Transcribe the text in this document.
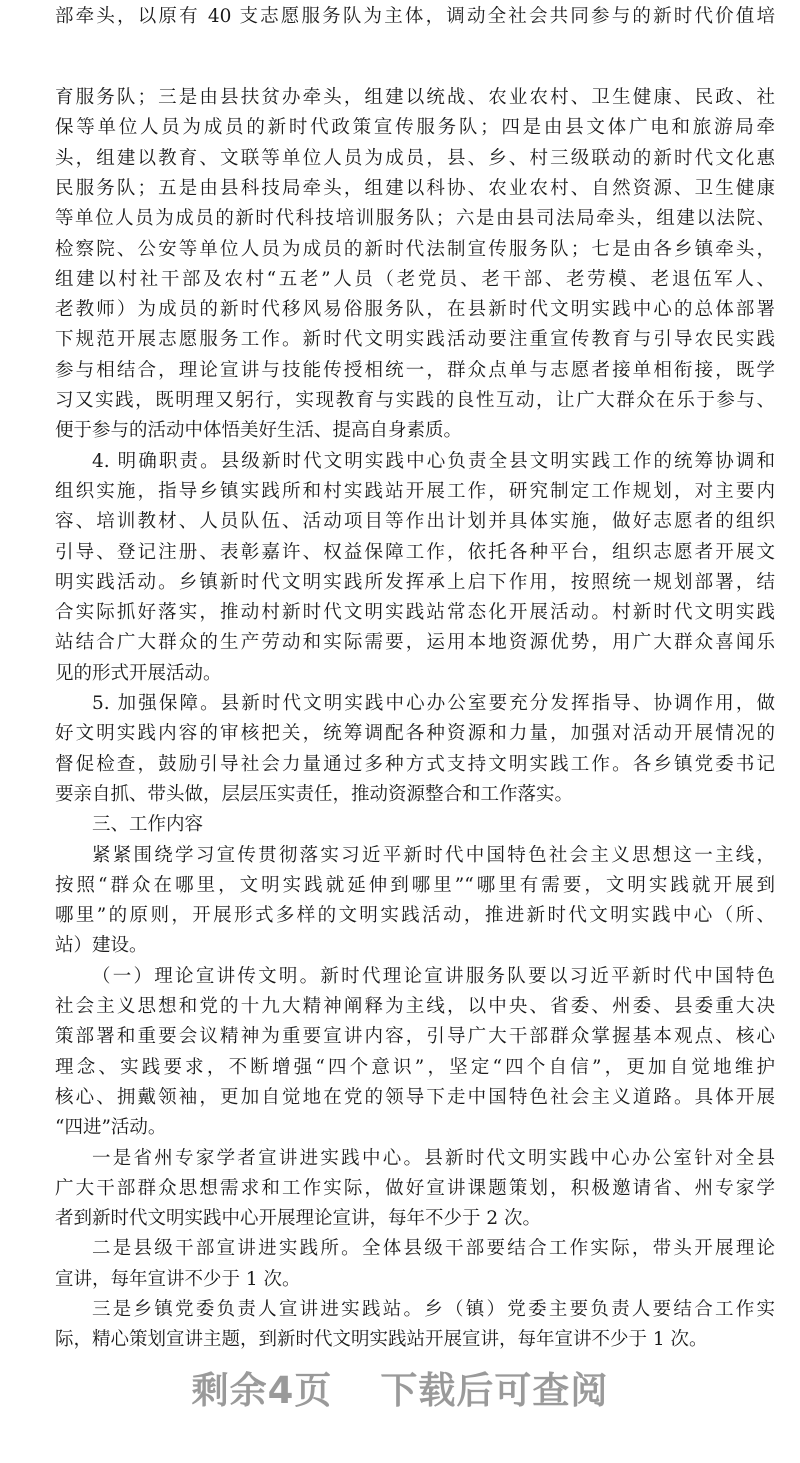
部牵头，以原有 40 支志愿服务队为主体，调动全社会共同参与的新时代价值培
育服务队；三是由县扶贫办牵头，组建以统战、农业农村、卫生健康、民政、社
保等单位人员为成员的新时代政策宣传服务队；四是由县文体广电和旅游局牵
头，组建以教育、文联等单位人员为成员，县、乡、村三级联动的新时代文化惠
民服务队；五是由县科技局牵头，组建以科协、农业农村、自然资源、卫生健康
等单位人员为成员的新时代科技培训服务队；六是由县司法局牵头，组建以法院、
检察院、公安等单位人员为成员的新时代法制宣传服务队；七是由各乡镇牵头，
组建以村社干部及农村“五老”人员（老党员、老干部、老劳模、老退伍军人、
老教师）为成员的新时代移风易俗服务队，在县新时代文明实践中心的总体部署
下规范开展志愿服务工作。新时代文明实践活动要注重宣传教育与引导农民实践
参与相结合，理论宣讲与技能传授相统一，群众点单与志愿者接单相衔接，既学
习又实践，既明理又躬行，实现教育与实践的良性互动，让广大群众在乐于参与、
便于参与的活动中体悟美好生活、提高自身素质。
4. 明确职责。县级新时代文明实践中心负责全县文明实践工作的统筹协调和
组织实施，指导乡镇实践所和村实践站开展工作，研究制定工作规划，对主要内
容、培训教材、人员队伍、活动项目等作出计划并具体实施，做好志愿者的组织
引导、登记注册、表彰嘉许、权益保障工作，依托各种平台，组织志愿者开展文
明实践活动。乡镇新时代文明实践所发挥承上启下作用，按照统一规划部署，结
合实际抓好落实，推动村新时代文明实践站常态化开展活动。村新时代文明实践
站结合广大群众的生产劳动和实际需要，运用本地资源优势，用广大群众喜闻乐
见的形式开展活动。
5. 加强保障。县新时代文明实践中心办公室要充分发挥指导、协调作用，做
好文明实践内容的审核把关，统筹调配各种资源和力量，加强对活动开展情况的
督促检查，鼓励引导社会力量通过多种方式支持文明实践工作。各乡镇党委书记
要亲自抓、带头做，层层压实责任，推动资源整合和工作落实。
三、工作内容
紧紧围绕学习宣传贯彻落实习近平新时代中国特色社会主义思想这一主线，
按照“群众在哪里，文明实践就延伸到哪里”“哪里有需要，文明实践就开展到
哪里”的原则，开展形式多样的文明实践活动，推进新时代文明实践中心（所、
站）建设。
（一）理论宣讲传文明。新时代理论宣讲服务队要以习近平新时代中国特色
社会主义思想和党的十九大精神阐释为主线，以中央、省委、州委、县委重大决
策部署和重要会议精神为重要宣讲内容，引导广大干部群众掌握基本观点、核心
理念、实践要求，不断增强“四个意识”，坚定“四个自信”，更加自觉地维护
核心、拥戴领袖，更加自觉地在党的领导下走中国特色社会主义道路。具体开展
“四进”活动。
一是省州专家学者宣讲进实践中心。县新时代文明实践中心办公室针对全县
广大干部群众思想需求和工作实际，做好宣讲课题策划，积极邀请省、州专家学
者到新时代文明实践中心开展理论宣讲，每年不少于 2 次。
二是县级干部宣讲进实践所。全体县级干部要结合工作实际，带头开展理论
宣讲，每年宣讲不少于 1 次。
三是乡镇党委负责人宣讲进实践站。乡（镇）党委主要负责人要结合工作实
际，精心策划宣讲主题，到新时代文明实践站开展宣讲，每年宣讲不少于 1 次。
剩余4页 下载后可查阅
